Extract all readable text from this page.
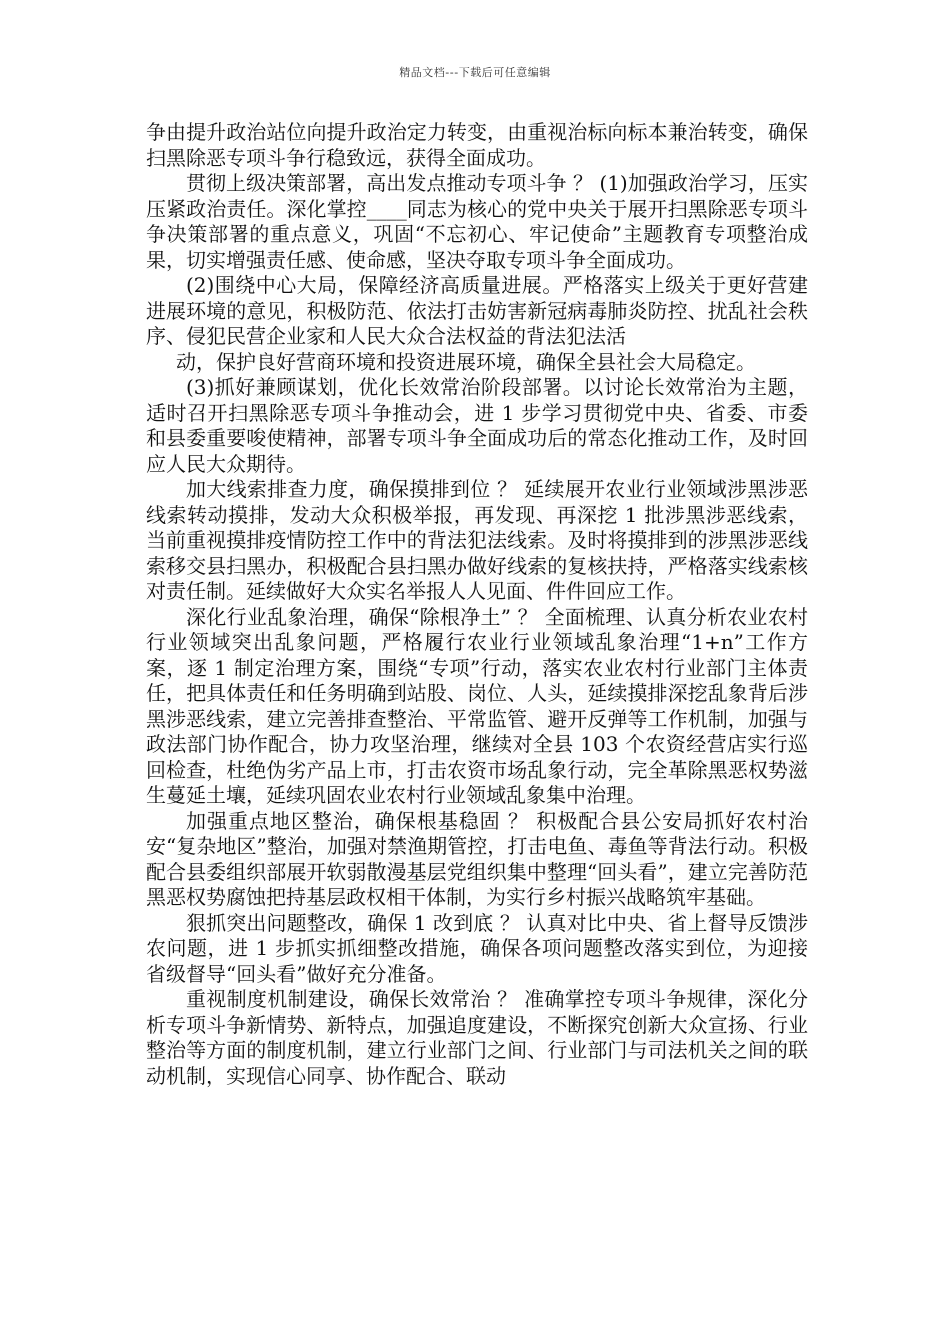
精品文档---下载后可任意编辑

争由提升政治站位向提升政治定力转变，由重视治标向标本兼治转变，确保扫黑除恶专项斗争行稳致远，获得全面成功。

贯彻上级决策部署，高出发点推动专项斗争 ？ (1)加强政治学习，压实压紧政治责任。深化掌控____同志为核心的党中央关于展开扫黑除恶专项斗争决策部署的重点意义，巩固“不忘初心、牢记使命”主题教育专项整治成果，切实增强责任感、使命感，坚决夺取专项斗争全面成功。

(2)围绕中心大局，保障经济高质量进展。严格落实上级关于更好营建进展环境的意见，积极防范、依法打击妨害新冠病毒肺炎防控、扰乱社会秩序、侵犯民营企业家和人民大众合法权益的背法犯法活

动，保护良好营商环境和投资进展环境，确保全县社会大局稳定。

(3)抓好兼顾谋划，优化长效常治阶段部署。以讨论长效常治为主题，适时召开扫黑除恶专项斗争推动会，进 1 步学习贯彻党中央、省委、市委和县委重要唆使精神，部署专项斗争全面成功后的常态化推动工作，及时回应人民大众期待。

加大线索排查力度，确保摸排到位 ？ 延续展开农业行业领域涉黑涉恶线索转动摸排，发动大众积极举报，再发现、再深挖 1 批涉黑涉恶线索，当前重视摸排疫情防控工作中的背法犯法线索。及时将摸排到的涉黑涉恶线索移交县扫黑办，积极配合县扫黑办做好线索的复核扶持，严格落实线索核对责任制。延续做好大众实名举报人人见面、件件回应工作。

深化行业乱象治理，确保“除根净土” ？ 全面梳理、认真分析农业农村行业领域突出乱象问题，严格履行农业行业领域乱象治理“1+n”工作方案，逐 1 制定治理方案，围绕“专项”行动，落实农业农村行业部门主体责任，把具体责任和任务明确到站股、岗位、人头，延续摸排深挖乱象背后涉黑涉恶线索，建立完善排查整治、平常监管、避开反弹等工作机制，加强与政法部门协作配合，协力攻坚治理，继续对全县 103 个农资经营店实行巡回检查，杜绝伪劣产品上市，打击农资市场乱象行动，完全革除黑恶权势滋生蔓延土壤，延续巩固农业农村行业领域乱象集中治理。

加强重点地区整治，确保根基稳固 ？ 积极配合县公安局抓好农村治安“复杂地区”整治，加强对禁渔期管控，打击电鱼、毒鱼等背法行动。积极配合县委组织部展开软弱散漫基层党组织集中整理“回头看”，建立完善防范黑恶权势腐蚀把持基层政权相干体制，为实行乡村振兴战略筑牢基础。

狠抓突出问题整改，确保 1 改到底 ？ 认真对比中央、省上督导反馈涉农问题，进 1 步抓实抓细整改措施，确保各项问题整改落实到位，为迎接省级督导“回头看”做好充分准备。

重视制度机制建设，确保长效常治 ？ 准确掌控专项斗争规律，深化分析专项斗争新情势、新特点，加强追度建设，不断探究创新大众宣扬、行业整治等方面的制度机制，建立行业部门之间、行业部门与司法机关之间的联动机制，实现信心同享、协作配合、联动
